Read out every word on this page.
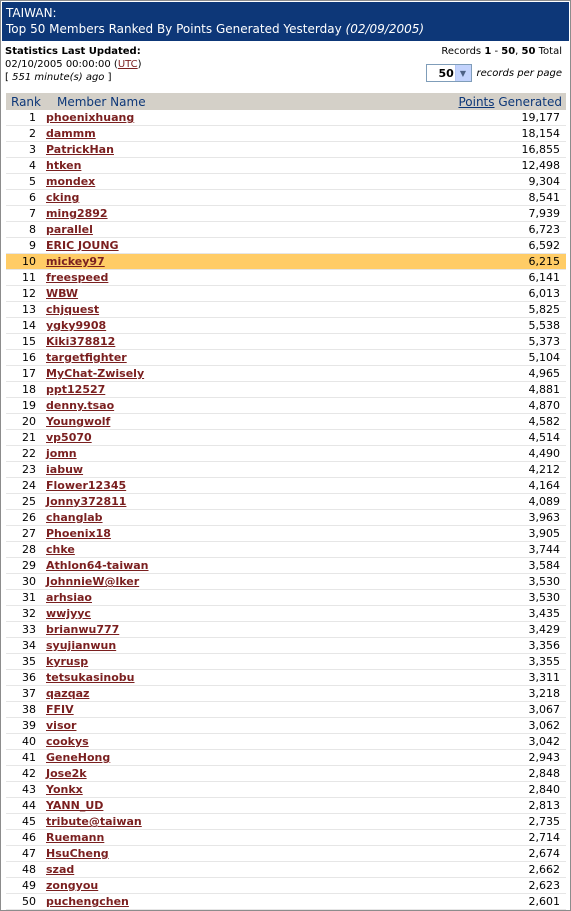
TAIWAN:
Top 50 Members Ranked By Points Generated Yesterday (02/09/2005)
Statistics Last Updated:
02/10/2005 00:00:00 (UTC)
[ 551 minute(s) ago ]
Records 1 - 50, 50 Total
50 ▼	records per page
Rank	Member Name	Points Generated
1 phoenixhuang	19,177
2 dammm	18,154
3 PatrickHan	16,855
4 htken	12,498
5 mondex	9,304
6 cking	8,541
7 ming2892	7,939
8 parallel	6,723
9 ERIC JOUNG	6,592
10 mickey97	6,215
11 freespeed	6,141
12 WBW	6,013
13 chjquest	5,825
14 ygky9908	5,538
15 Kiki378812	5,373
16 targetfighter	5,104
17 MyChat-Zwisely	4,965
18 ppt12527	4,881
19 denny.tsao	4,870
20 Youngwolf	4,582
21 vp5070	4,514
22 jomn	4,490
23 iabuw	4,212
24 Flower12345	4,164
25 Jonny372811	4,089
26 changlab	3,963
27 Phoenix18	3,905
28 chke	3,744
29 Athlon64-taiwan	3,584
30 JohnnieW@lker	3,530
31 arhsiao	3,530
32 wwjyyc	3,435
33 brianwu777	3,429
34 syujianwun	3,356
35 kyrusp	3,355
36 tetsukasinobu	3,311
37 qazqaz	3,218
38 FFIV	3,067
39 visor	3,062
40 cookys	3,042
41 GeneHong	2,943
42 Jose2k	2,848
43 Yonkx	2,840
44 YANN_UD	2,813
45 tribute@taiwan	2,735
46 Ruemann	2,714
47 HsuCheng	2,674
48 szad	2,662
49 zongyou	2,623
50 puchengchen	2,601
